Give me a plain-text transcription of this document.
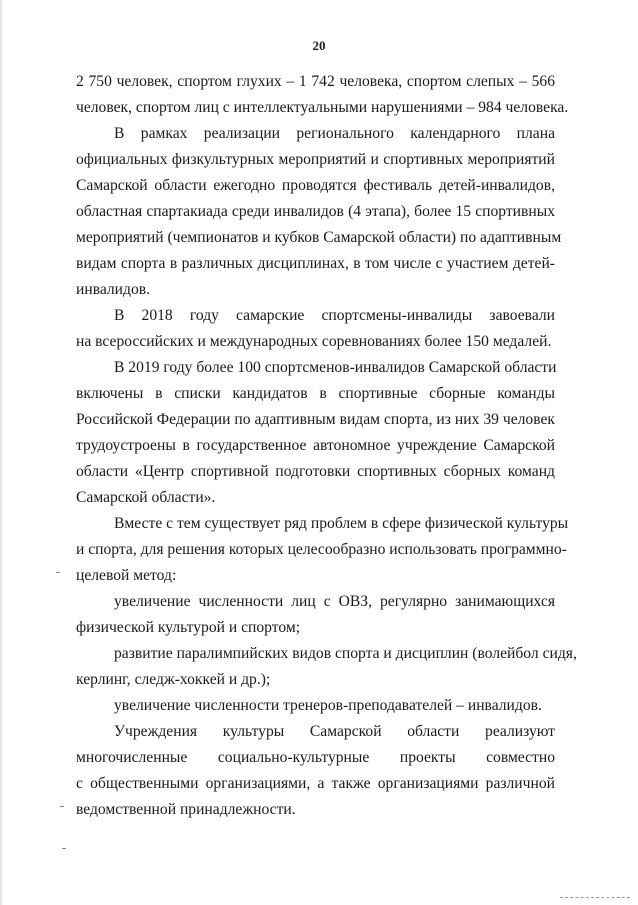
20
2 750 человек, спортом глухих – 1 742 человека, спортом слепых – 566
человек, спортом лиц с интеллектуальными нарушениями – 984 человека.
В рамках реализации регионального календарного плана
официальных физкультурных мероприятий и спортивных мероприятий
Самарской области ежегодно проводятся фестиваль детей-инвалидов,
областная спартакиада среди инвалидов (4 этапа), более 15 спортивных
мероприятий (чемпионатов и кубков Самарской области) по адаптивным
видам спорта в различных дисциплинах, в том числе с участием детей-
инвалидов.
В 2018 году самарские спортсмены-инвалиды завоевали
на всероссийских и международных соревнованиях более 150 медалей.
В 2019 году более 100 спортсменов-инвалидов Самарской области
включены в списки кандидатов в спортивные сборные команды
Российской Федерации по адаптивным видам спорта, из них 39 человек
трудоустроены в государственное автономное учреждение Самарской
области «Центр спортивной подготовки спортивных сборных команд
Самарской области».
Вместе с тем существует ряд проблем в сфере физической культуры
и спорта, для решения которых целесообразно использовать программно-
целевой метод:
увеличение численности лиц с ОВЗ, регулярно занимающихся
физической культурой и спортом;
развитие паралимпийских видов спорта и дисциплин (волейбол сидя,
керлинг, следж-хоккей и др.);
увеличение численности тренеров-преподавателей – инвалидов.
Учреждения культуры Самарской области реализуют
многочисленные социально-культурные проекты совместно
с общественными организациями, а также организациями различной
ведомственной принадлежности.
